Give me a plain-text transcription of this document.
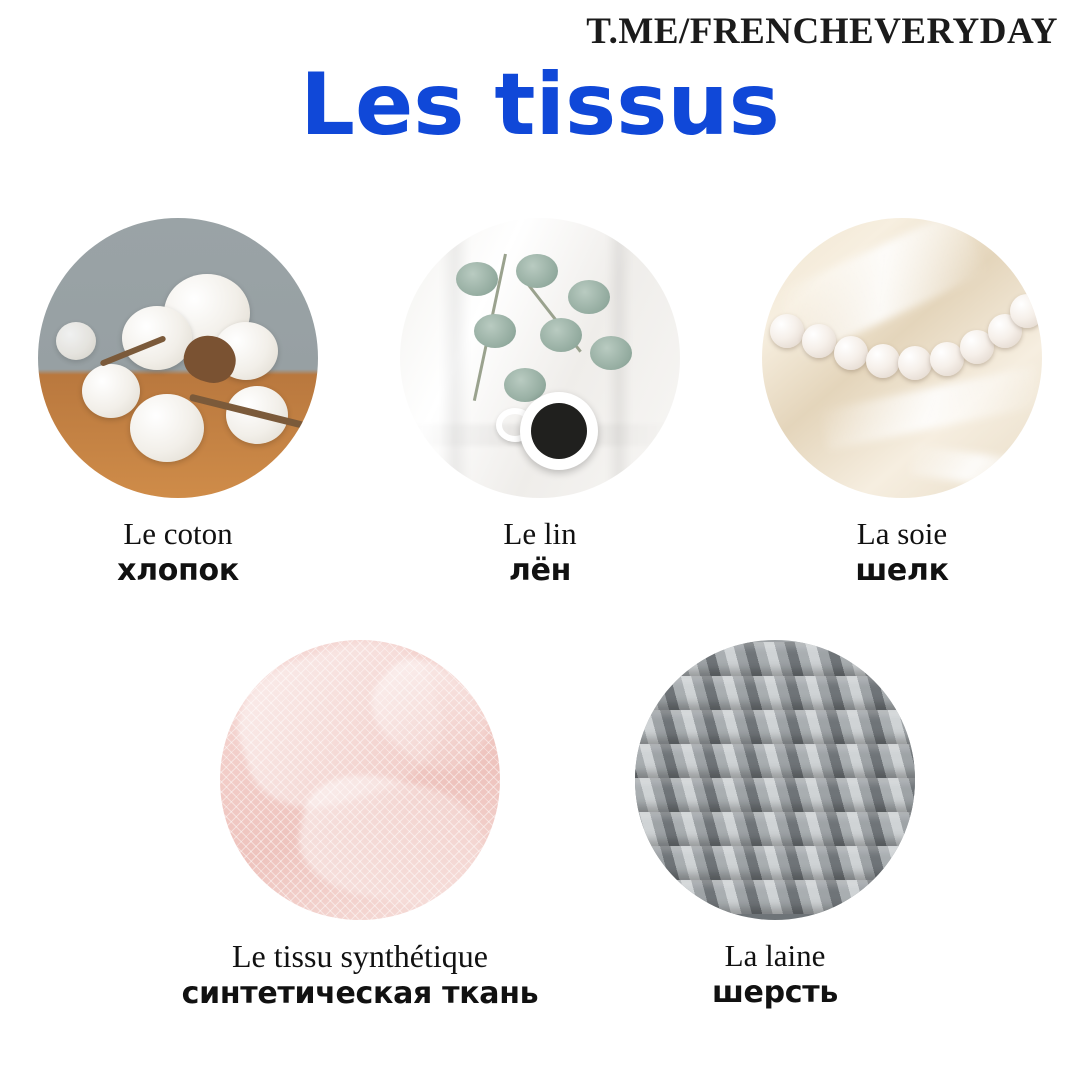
T.ME/FRENCHEVERYDAY
Les tissus
Le coton
хлопок
Le lin
лён
La soie
шелк
Le tissu synthétique
синтетическая ткань
La laine
шерсть
